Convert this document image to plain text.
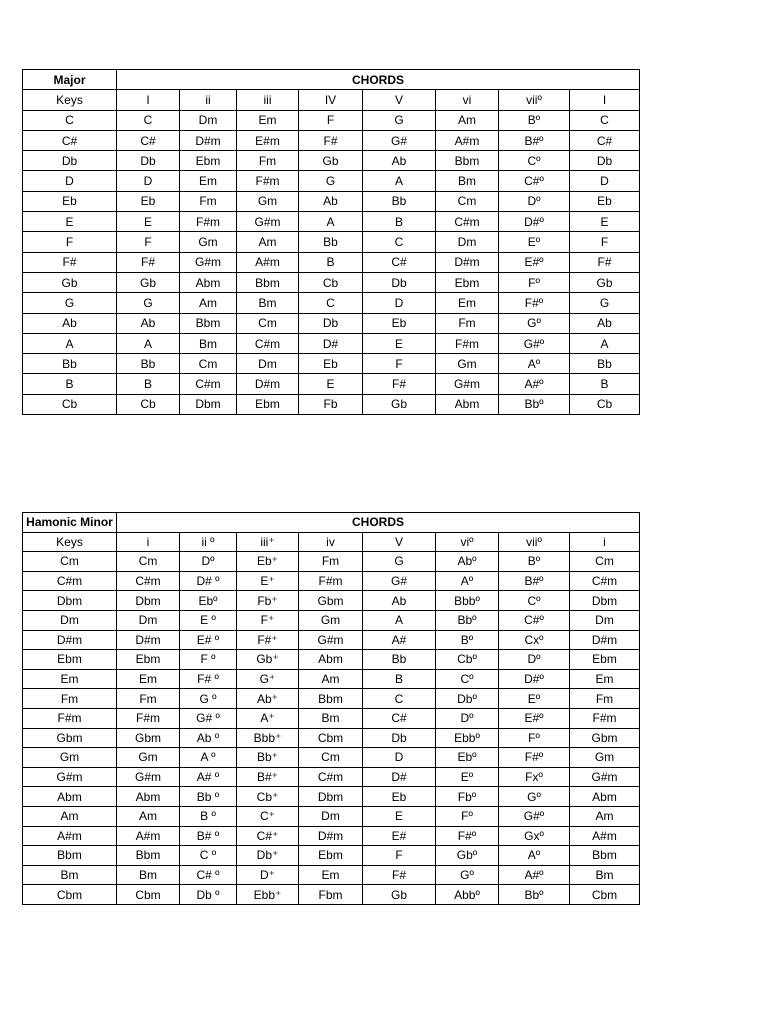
Major	CHORDS							
Keys	I	ii	iii	IV	V	vi	viiº	I
C	C	Dm	Em	F	G	Am	Bº	C
C#	C#	D#m	E#m	F#	G#	A#m	B#º	C#
Db	Db	Ebm	Fm	Gb	Ab	Bbm	Cº	Db
D	D	Em	F#m	G	A	Bm	C#º	D
Eb	Eb	Fm	Gm	Ab	Bb	Cm	Dº	Eb
E	E	F#m	G#m	A	B	C#m	D#º	E
F	F	Gm	Am	Bb	C	Dm	Eº	F
F#	F#	G#m	A#m	B	C#	D#m	E#º	F#
Gb	Gb	Abm	Bbm	Cb	Db	Ebm	Fº	Gb
G	G	Am	Bm	C	D	Em	F#º	G
Ab	Ab	Bbm	Cm	Db	Eb	Fm	Gº	Ab
A	A	Bm	C#m	D#	E	F#m	G#º	A
Bb	Bb	Cm	Dm	Eb	F	Gm	Aº	Bb
B	B	C#m	D#m	E	F#	G#m	A#º	B
Cb	Cb	Dbm	Ebm	Fb	Gb	Abm	Bbº	Cb
Hamonic Minor	CHORDS							
Keys	i	ii º	iii⁺	iv	V	viº	viiº	i
Cm	Cm	Dº	Eb⁺	Fm	G	Abº	Bº	Cm
C#m	C#m	D# º	E⁺	F#m	G#	Aº	B#º	C#m
Dbm	Dbm	Ebº	Fb⁺	Gbm	Ab	Bbbº	Cº	Dbm
Dm	Dm	E º	F⁺	Gm	A	Bbº	C#º	Dm
D#m	D#m	E# º	F#⁺	G#m	A#	Bº	Cxº	D#m
Ebm	Ebm	F º	Gb⁺	Abm	Bb	Cbº	Dº	Ebm
Em	Em	F# º	G⁺	Am	B	Cº	D#º	Em
Fm	Fm	G º	Ab⁺	Bbm	C	Dbº	Eº	Fm
F#m	F#m	G# º	A⁺	Bm	C#	Dº	E#º	F#m
Gbm	Gbm	Ab º	Bbb⁺	Cbm	Db	Ebbº	Fº	Gbm
Gm	Gm	A º	Bb⁺	Cm	D	Ebº	F#º	Gm
G#m	G#m	A# º	B#⁺	C#m	D#	Eº	Fxº	G#m
Abm	Abm	Bb º	Cb⁺	Dbm	Eb	Fbº	Gº	Abm
Am	Am	B º	C⁺	Dm	E	Fº	G#º	Am
A#m	A#m	B# º	C#⁺	D#m	E#	F#º	Gxº	A#m
Bbm	Bbm	C º	Db⁺	Ebm	F	Gbº	Aº	Bbm
Bm	Bm	C# º	D⁺	Em	F#	Gº	A#º	Bm
Cbm	Cbm	Db º	Ebb⁺	Fbm	Gb	Abbº	Bbº	Cbm
